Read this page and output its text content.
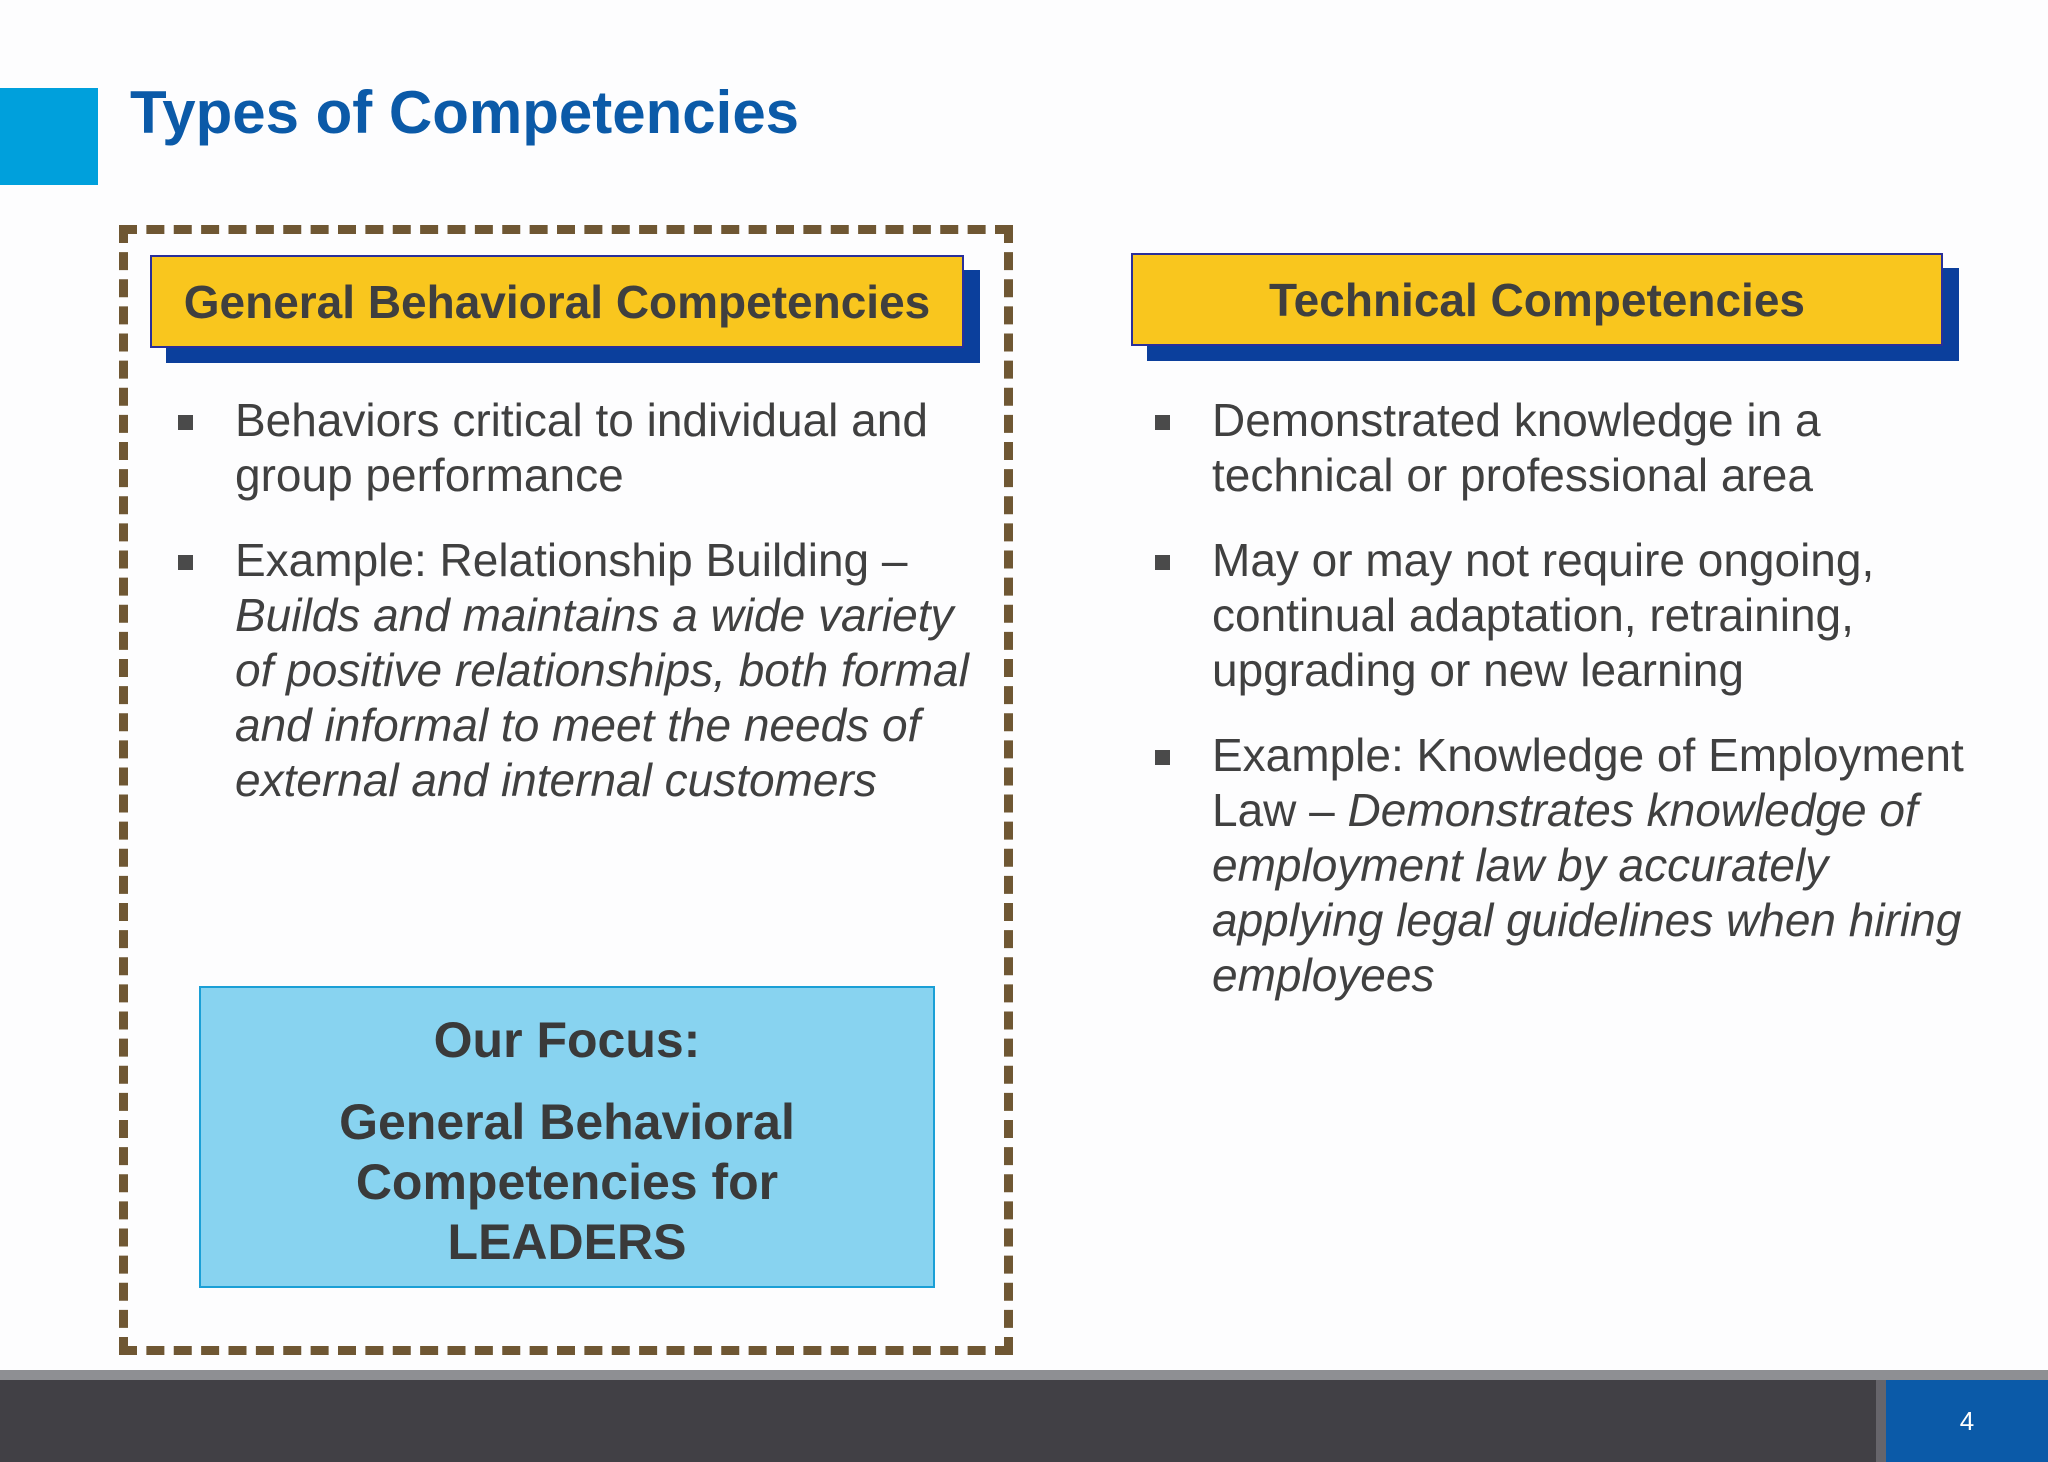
Types of Competencies
General Behavioral Competencies
Behaviors critical to individual and group performance
Example: Relationship Building – Builds and maintains a wide variety of positive relationships, both formal and informal to meet the needs of external and internal customers
Our Focus:
General Behavioral Competencies for LEADERS
Technical Competencies
Demonstrated knowledge in a technical or professional area
May or may not require ongoing, continual adaptation, retraining, upgrading or new learning
Example: Knowledge of Employment Law – Demonstrates knowledge of employment law by accurately applying legal guidelines when hiring employees
4
